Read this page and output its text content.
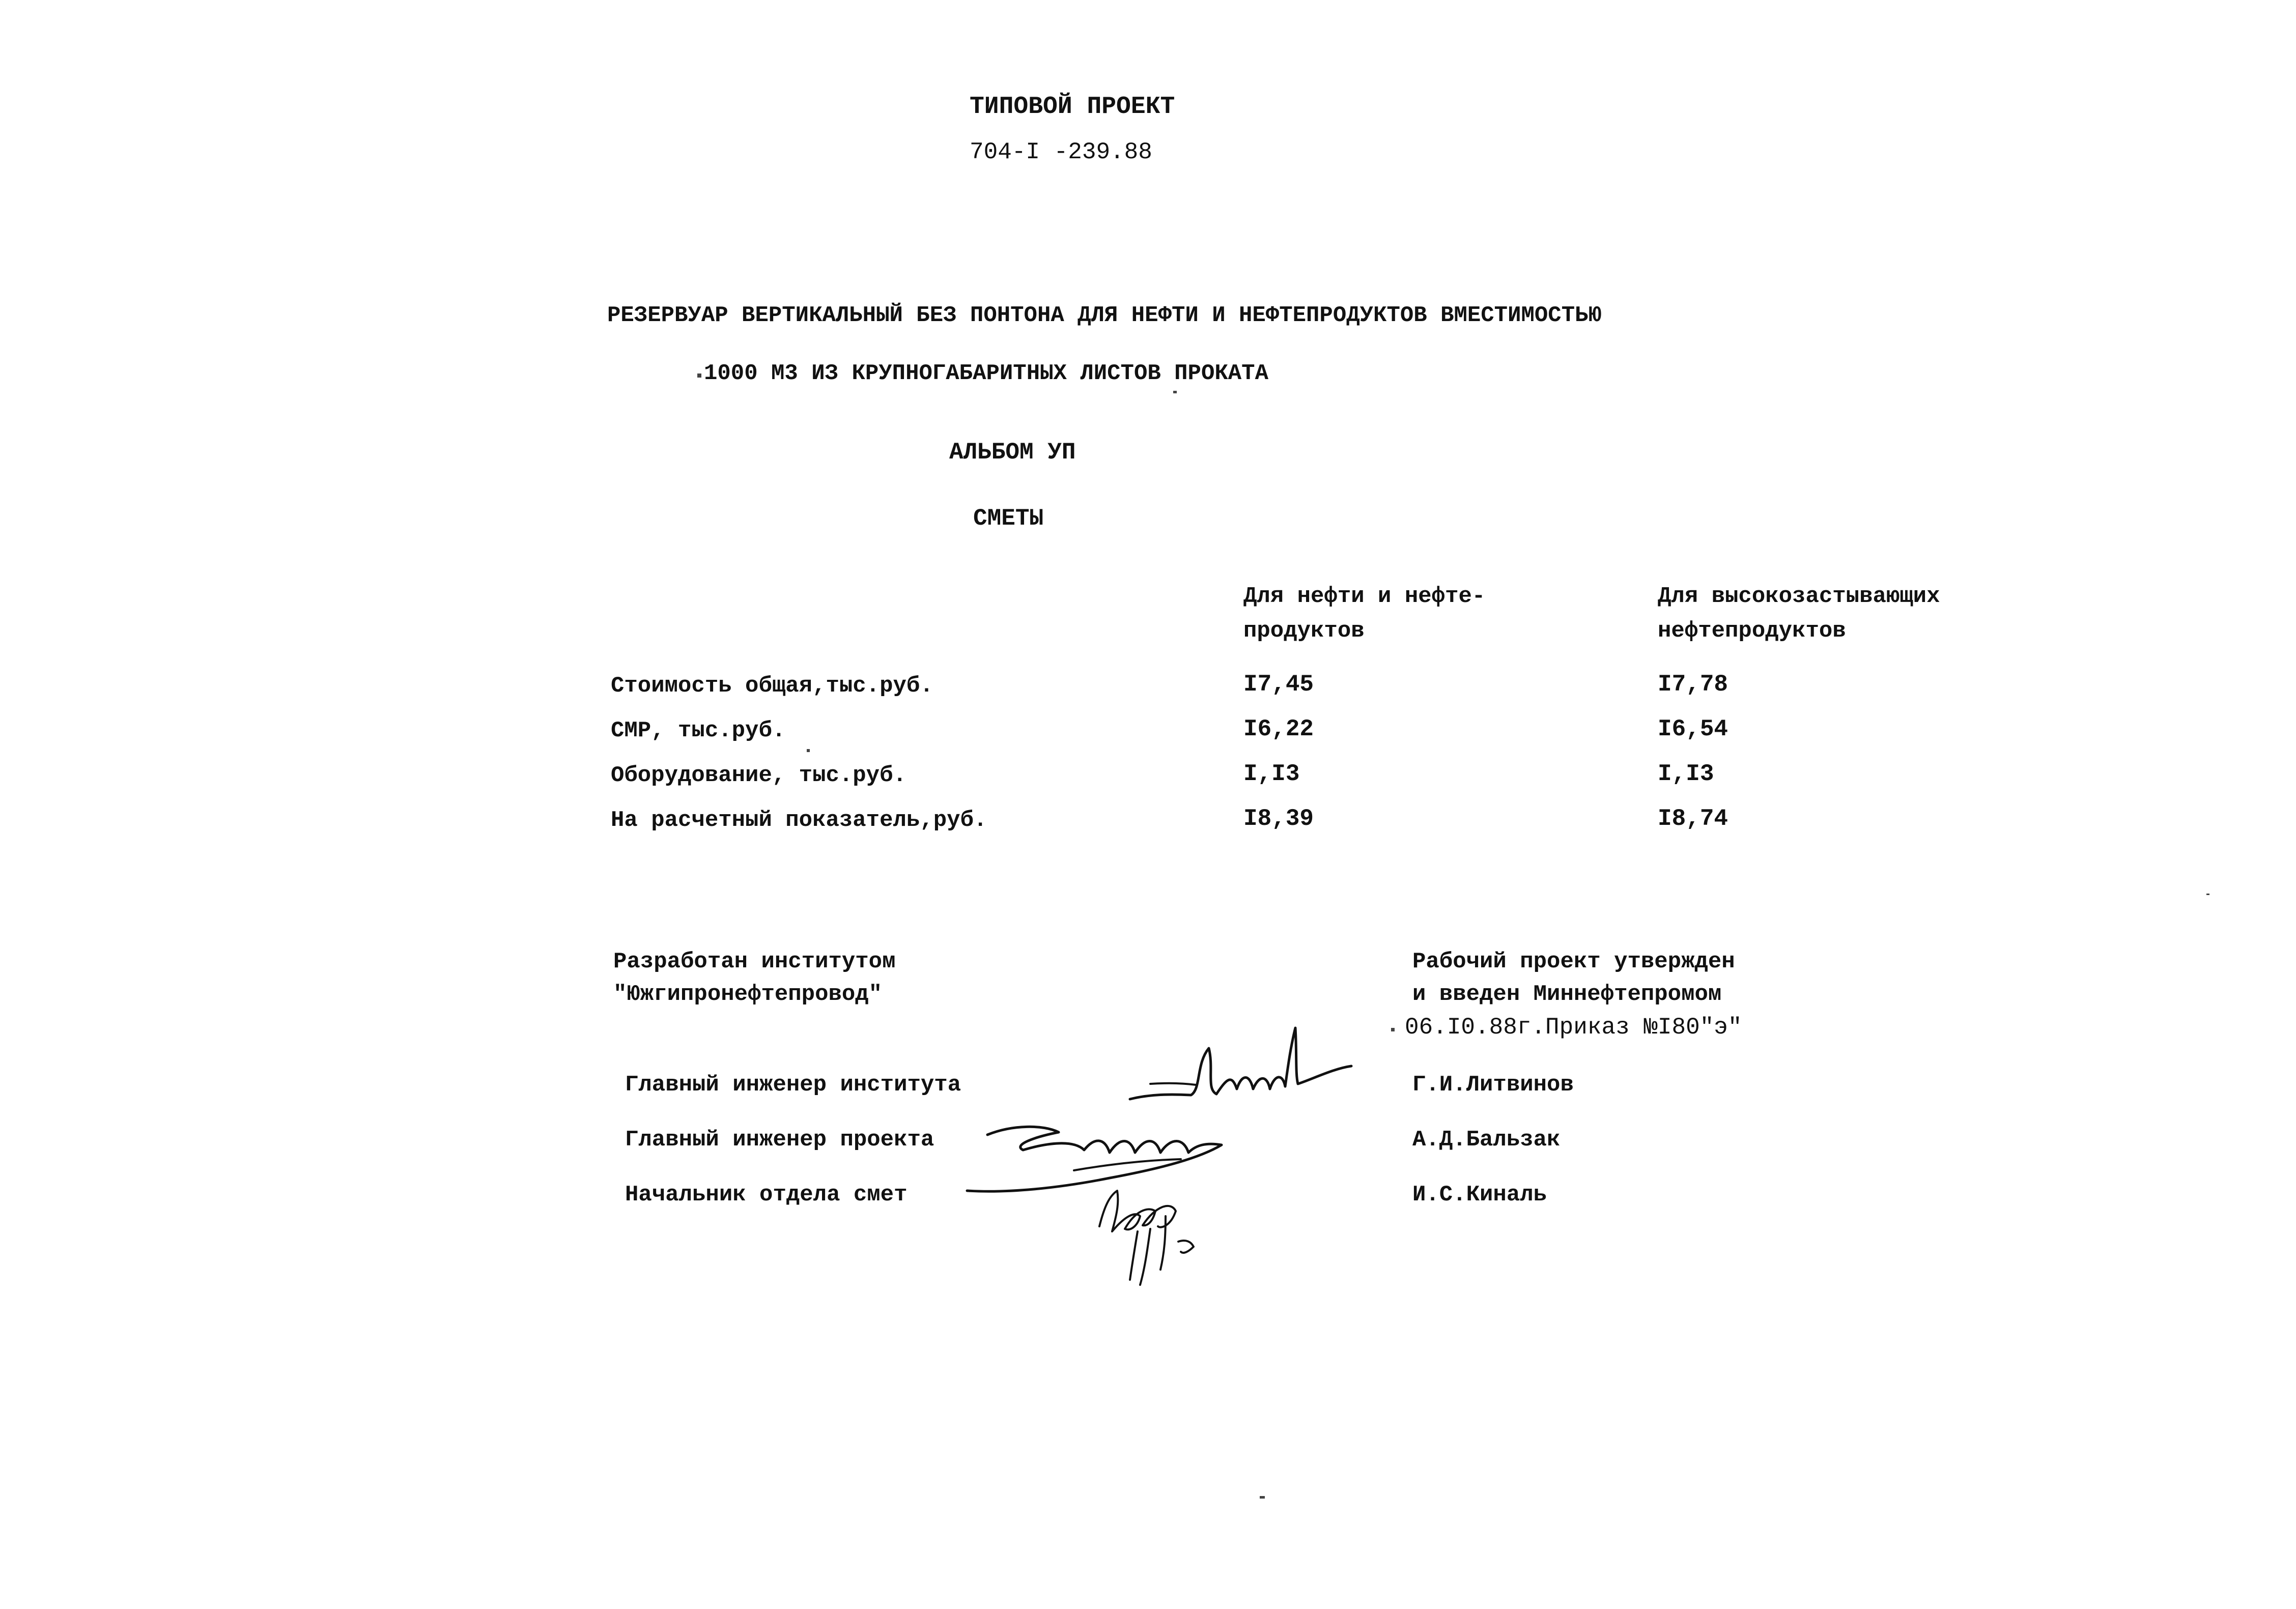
ТИПОВОЙ ПРОЕКТ
704-I -239.88
РЕЗЕРВУАР ВЕРТИКАЛЬНЫЙ БЕЗ ПОНТОНА ДЛЯ НЕФТИ И НЕФТЕПРОДУКТОВ ВМЕСТИМОСТЬЮ
1000 М3 ИЗ КРУПНОГАБАРИТНЫХ ЛИСТОВ ПРОКАТА
АЛЬБОМ УП
СМЕТЫ
Для нефти и нефте-
продуктов
Для высокозастывающих
нефтепродуктов
Стоимость общая,тыс.руб.	I7,45	I7,78
СМР, тыс.руб.	I6,22	I6,54
Оборудование, тыс.руб.	I,I3	I,I3
На расчетный показатель,руб.	I8,39	I8,74
Разработан институтом
"Южгипронефтепровод"
Рабочий проект утвержден
и введен Миннефтепромом
06.I0.88г.Приказ №I80"э"
Главный инженер института	Г.И.Литвинов
Главный инженер проекта	А.Д.Бальзак
Начальник отдела смет	И.С.Киналь
